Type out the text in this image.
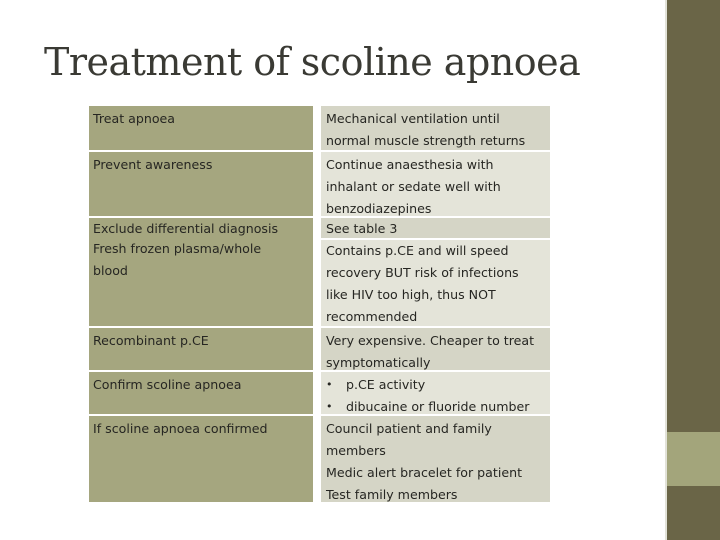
Treatment of scoline apnoea
Treat apnoea
Prevent awareness
Exclude differential diagnosis
Fresh frozen plasma/whole
blood
Recombinant p.CE
Confirm scoline apnoea
If scoline apnoea confirmed
Mechanical ventilation until
normal muscle strength returns
Continue anaesthesia with
inhalant or sedate well with
benzodiazepines
See table 3
Contains p.CE and will speed
recovery BUT risk of infections
like HIV too high, thus NOT
recommended
Very expensive. Cheaper to treat
symptomatically
•	p.CE activity
•	dibucaine or fluoride number
Council patient and family
members
Medic alert bracelet for patient
Test family members
